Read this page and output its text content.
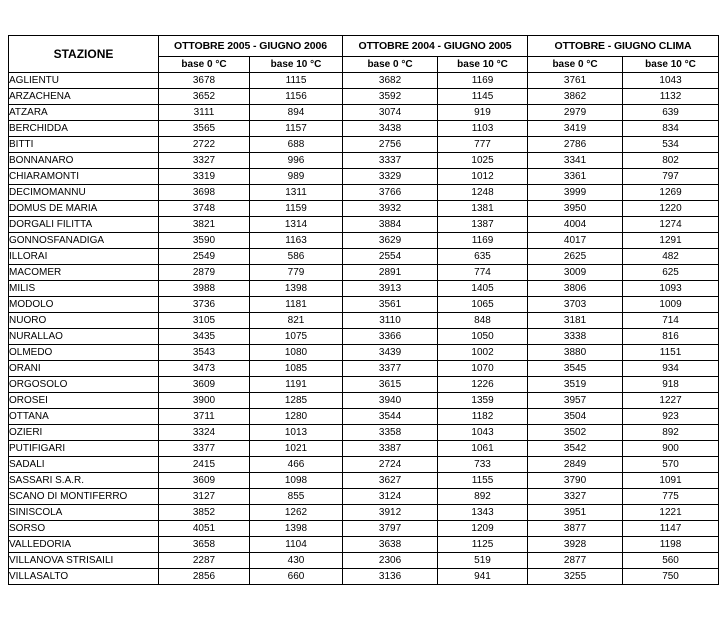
STAZIONE	OTTOBRE 2005 - GIUGNO 2006		OTTOBRE 2004 - GIUGNO 2005		OTTOBRE - GIUGNO CLIMA	
	base 0 °C	base 10 °C	base 0 °C	base 10 °C	base 0 °C	base 10 °C
AGLIENTU	3678	1115	3682	1169	3761	1043
ARZACHENA	3652	1156	3592	1145	3862	1132
ATZARA	3111	894	3074	919	2979	639
BERCHIDDA	3565	1157	3438	1103	3419	834
BITTI	2722	688	2756	777	2786	534
BONNANARO	3327	996	3337	1025	3341	802
CHIARAMONTI	3319	989	3329	1012	3361	797
DECIMOMANNU	3698	1311	3766	1248	3999	1269
DOMUS DE MARIA	3748	1159	3932	1381	3950	1220
DORGALI FILITTA	3821	1314	3884	1387	4004	1274
GONNOSFANADIGA	3590	1163	3629	1169	4017	1291
ILLORAI	2549	586	2554	635	2625	482
MACOMER	2879	779	2891	774	3009	625
MILIS	3988	1398	3913	1405	3806	1093
MODOLO	3736	1181	3561	1065	3703	1009
NUORO	3105	821	3110	848	3181	714
NURALLAO	3435	1075	3366	1050	3338	816
OLMEDO	3543	1080	3439	1002	3880	1151
ORANI	3473	1085	3377	1070	3545	934
ORGOSOLO	3609	1191	3615	1226	3519	918
OROSEI	3900	1285	3940	1359	3957	1227
OTTANA	3711	1280	3544	1182	3504	923
OZIERI	3324	1013	3358	1043	3502	892
PUTIFIGARI	3377	1021	3387	1061	3542	900
SADALI	2415	466	2724	733	2849	570
SASSARI S.A.R.	3609	1098	3627	1155	3790	1091
SCANO DI MONTIFERRO	3127	855	3124	892	3327	775
SINISCOLA	3852	1262	3912	1343	3951	1221
SORSO	4051	1398	3797	1209	3877	1147
VALLEDORIA	3658	1104	3638	1125	3928	1198
VILLANOVA STRISAILI	2287	430	2306	519	2877	560
VILLASALTO	2856	660	3136	941	3255	750
